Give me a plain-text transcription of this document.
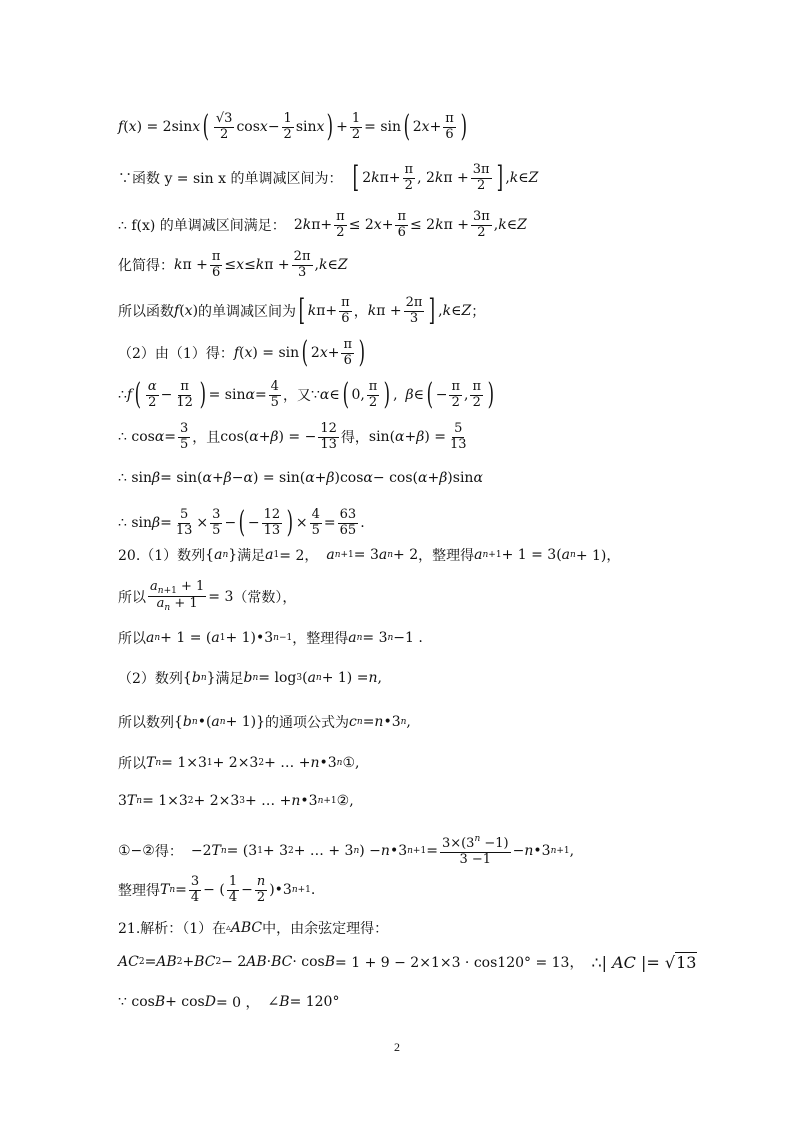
f ( x ) = 2sin x ( $\frac{√3}{2}$ $\cos x - \frac{1}{2}$ sin x ) + $\frac{1}{2} = \sin$ ( 2 $x + \frac{\pi}{6}$ )
∵函数 y = sin x 的单调减区间为： [ 2 k $\pi+ \frac{\pi}{2}$ , 2 k $\pi + \frac{3\pi}{2}$ ] , k ∈ Z
∴ f(x) 的单调减区间满足： 2 k $\pi+ \frac{\pi}{2} \le 2$ $x + \frac{\pi}{6} \le 2$ k $\pi + \frac{3\pi}{2}$ , k ∈ Z
化简得： k $\pi + \frac{\pi}{6} \le x \le k$ $\pi + \frac{2\pi}{3}$ , k ∈ Z
所以函数 f ( x ) 的单调减区间为 [ k $\pi+ \frac{\pi}{6}$ ， k $\pi + \frac{2\pi}{3}$ ] , k ∈ Z ；
（2）由（1）得： f ( x ) = sin ( 2 $x + \frac{\pi}{6}$ )
∴ f ( $\frac{\alpha}{2} - \frac{\pi}{12}$ ) = $\sin \alpha = \frac{4}{5}$ ， 又 ∵ α ∈ ( 0, $\frac{\pi}{2}$ ) , β ∈ ( − $\frac{\pi}{2}$ , $\frac{\pi}{2}$ )
∴ $\cos \alpha = \frac{3}{5}$ ，且 cos( α + β ) = − $\frac{12}{13}$ 得， sin( α + β ) = $\frac{5}{13}$
∴ sin β = sin( α + β − α ) = sin( α + β )cos α − cos( α + β )sin α
∴ $\sin \beta = \frac{5}{13} \times \frac{3}{5}$ − ( − $\frac{12}{13}$ ) × $\frac{4}{5} = \frac{63}{65}$ .
20.（1）数列 { a n } 满足 a 1 = 2， a n+1 = 3 a n + 2 ，整理得 a n+1 + 1 = 3( a n + 1)，
所以 $\frac{a_{n+1} + 1}{a_n + 1} = 3$ （常数），
所以 a n + 1 = ( a 1 + 1)•3 n−1 ，整理得 a n = 3 n −1 .
（2）数列 { b n } 满足 b n = log 3 ( a n + 1) = n ,
所以数列 { b n •( a n + 1)} 的通项公式为 c n = n •3 n ,
所以 T n = 1×3 1 + 2×3 2 + … + n •3 n ①,
3 T n = 1×3 2 + 2×3 3 + … + n •3 n+1 ②,
①−② 得： −2 T n = (3 1 + 3 2 + … + 3 n ) − n •3 $n+1 = \frac{3\times(3^n -1)}{3 -1} - n$ •3 n+1 ,
整理得 T $n = \frac{3}{4}$ − ( $\frac{1}{4} - \frac{n}{2}$ )•3 n+1 .
21.解析：（1）在 ▵ ABC 中，由余弦定理得：
AC 2 = AB 2 + BC 2 − 2 AB · BC · cos B = 1 + 9 − 2×1×3 · cos120° = 13， ∴| AC |= √13
∵ cos B + cos D = 0 ， ∠ B = 120°
2
